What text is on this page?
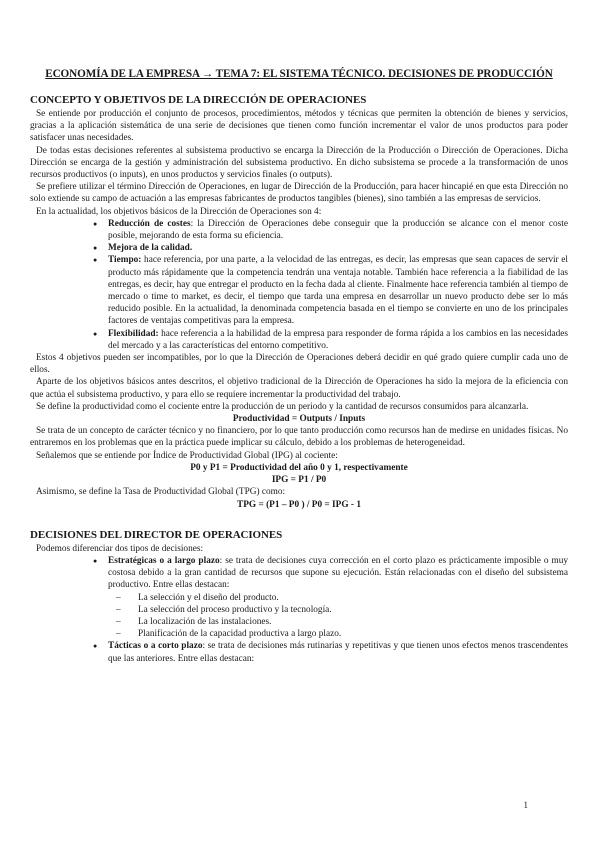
ECONOMÍA DE LA EMPRESA → TEMA 7: EL SISTEMA TÉCNICO. DECISIONES DE PRODUCCIÓN
CONCEPTO Y OBJETIVOS DE LA DIRECCIÓN DE OPERACIONES

Se entiende por producción el conjunto de procesos, procedimientos, métodos y técnicas que permiten la obtención de bienes y servicios, gracias a la aplicación sistemática de una serie de decisiones que tienen como función incrementar el valor de unos productos para poder satisfacer unas necesidades.

De todas estas decisiones referentes al subsistema productivo se encarga la Dirección de la Producción o Dirección de Operaciones. Dicha Dirección se encarga de la gestión y administración del subsistema productivo. En dicho subsistema se procede a la transformación de unos recursos productivos (o inputs), en unos productos y servicios finales (o outputs).

Se prefiere utilizar el término Dirección de Operaciones, en lugar de Dirección de la Producción, para hacer hincapié en que esta Dirección no solo extiende su campo de actuación a las empresas fabricantes de productos tangibles (bienes), sino también a las empresas de servicios.

En la actualidad, los objetivos básicos de la Dirección de Operaciones son 4:

● Reducción de costes: la Dirección de Operaciones debe conseguir que la producción se alcance con el menor coste posible, mejorando de esta forma su eficiencia.
● Mejora de la calidad.
● Tiempo: hace referencia, por una parte, a la velocidad de las entregas, es decir, las empresas que sean capaces de servir el producto más rápidamente que la competencia tendrán una ventaja notable. También hace referencia a la fiabilidad de las entregas, es decir, hay que entregar el producto en la fecha dada al cliente. Finalmente hace referencia también al tiempo de mercado o time to market, es decir, el tiempo que tarda una empresa en desarrollar un nuevo producto debe ser lo más reducido posible. En la actualidad, la denominada competencia basada en el tiempo se convierte en uno de los principales factores de ventajas competitivas para la empresa.
● Flexibilidad: hace referencia a la habilidad de la empresa para responder de forma rápida a los cambios en las necesidades del mercado y a las características del entorno competitivo.

Estos 4 objetivos pueden ser incompatibles, por lo que la Dirección de Operaciones deberá decidir en qué grado quiere cumplir cada uno de ellos.

Aparte de los objetivos básicos antes descritos, el objetivo tradicional de la Dirección de Operaciones ha sido la mejora de la eficiencia con que actúa el subsistema productivo, y para ello se requiere incrementar la productividad del trabajo.

Se define la productividad como el cociente entre la producción de un periodo y la cantidad de recursos consumidos para alcanzarla.

Productividad = Outputs / Inputs

Se trata de un concepto de carácter técnico y no financiero, por lo que tanto producción como recursos han de medirse en unidades físicas. No entraremos en los problemas que en la práctica puede implicar su cálculo, debido a los problemas de heterogeneidad.

Señalemos que se entiende por Índice de Productividad Global (IPG) al cociente:

P0 y P1 = Productividad del año 0 y 1, respectivamente
IPG = P1 / P0

Asimismo, se define la Tasa de Productividad Global (TPG) como:

TPG = (P1 – P0 ) / P0 = IPG - 1
DECISIONES DEL DIRECTOR DE OPERACIONES

Podemos diferenciar dos tipos de decisiones:

● Estratégicas o a largo plazo: se trata de decisiones cuya corrección en el corto plazo es prácticamente imposible o muy costosa debido a la gran cantidad de recursos que supone su ejecución. Están relacionadas con el diseño del subsistema productivo. Entre ellas destacan:
– La selección y el diseño del producto.
– La selección del proceso productivo y la tecnología.
– La localización de las instalaciones.
– Planificación de la capacidad productiva a largo plazo.
● Tácticas o a corto plazo: se trata de decisiones más rutinarias y repetitivas y que tienen unos efectos menos trascendentes que las anteriores. Entre ellas destacan:
1
